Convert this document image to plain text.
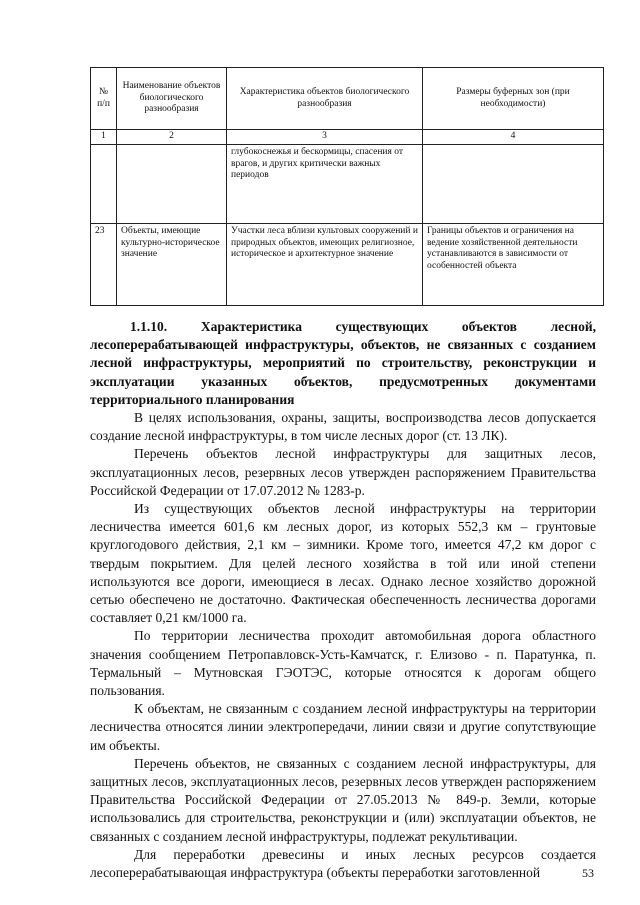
№ п/п	Наименование объектов биологического разнообразия	Характеристика объектов биологического разнообразия	Размеры буферных зон (при необходимости)
1	2	3	4
		глубокоснежья и бескормицы, спасения от врагов, и других критически важных периодов	
23	Объекты, имеющие культурно-историческое значение	Участки леса вблизи культовых сооружений и природных объектов, имеющих религиозное, историческое и архитектурное значение	Границы объектов и ограничения на ведение хозяйственной деятельности устанавливаются в зависимости от особенностей объекта

1.1.10. Характеристика существующих объектов лесной, лесоперерабатывающей инфраструктуры, объектов, не связанных с созданием лесной инфраструктуры, мероприятий по строительству, реконструкции и эксплуатации указанных объектов, предусмотренных документами территориального планирования

В целях использования, охраны, защиты, воспроизводства лесов допускается создание лесной инфраструктуры, в том числе лесных дорог (ст. 13 ЛК).

Перечень объектов лесной инфраструктуры для защитных лесов, эксплуатационных лесов, резервных лесов утвержден распоряжением Правительства Российской Федерации от 17.07.2012 № 1283-р.

Из существующих объектов лесной инфраструктуры на территории лесничества имеется 601,6 км лесных дорог, из которых 552,3 км – грунтовые круглогодового действия, 2,1 км – зимники. Кроме того, имеется 47,2 км дорог с твердым покрытием. Для целей лесного хозяйства в той или иной степени используются все дороги, имеющиеся в лесах. Однако лесное хозяйство дорожной сетью обеспечено не достаточно. Фактическая обеспеченность лесничества дорогами составляет 0,21 км/1000 га.

По территории лесничества проходит автомобильная дорога областного значения сообщением Петропавловск-Усть-Камчатск, г. Елизово - п. Паратунка, п. Термальный – Мутновская ГЭОТЭС, которые относятся к дорогам общего пользования.

К объектам, не связанным с созданием лесной инфраструктуры на территории лесничества относятся линии электропередачи, линии связи и другие сопутствующие им объекты.

Перечень объектов, не связанных с созданием лесной инфраструктуры, для защитных лесов, эксплуатационных лесов, резервных лесов утвержден распоряжением Правительства Российской Федерации от 27.05.2013 № 849-р. Земли, которые использовались для строительства, реконструкции и (или) эксплуатации объектов, не связанных с созданием лесной инфраструктуры, подлежат рекультивации.

Для переработки древесины и иных лесных ресурсов создается лесоперерабатывающая инфраструктура (объекты переработки заготовленной	53
